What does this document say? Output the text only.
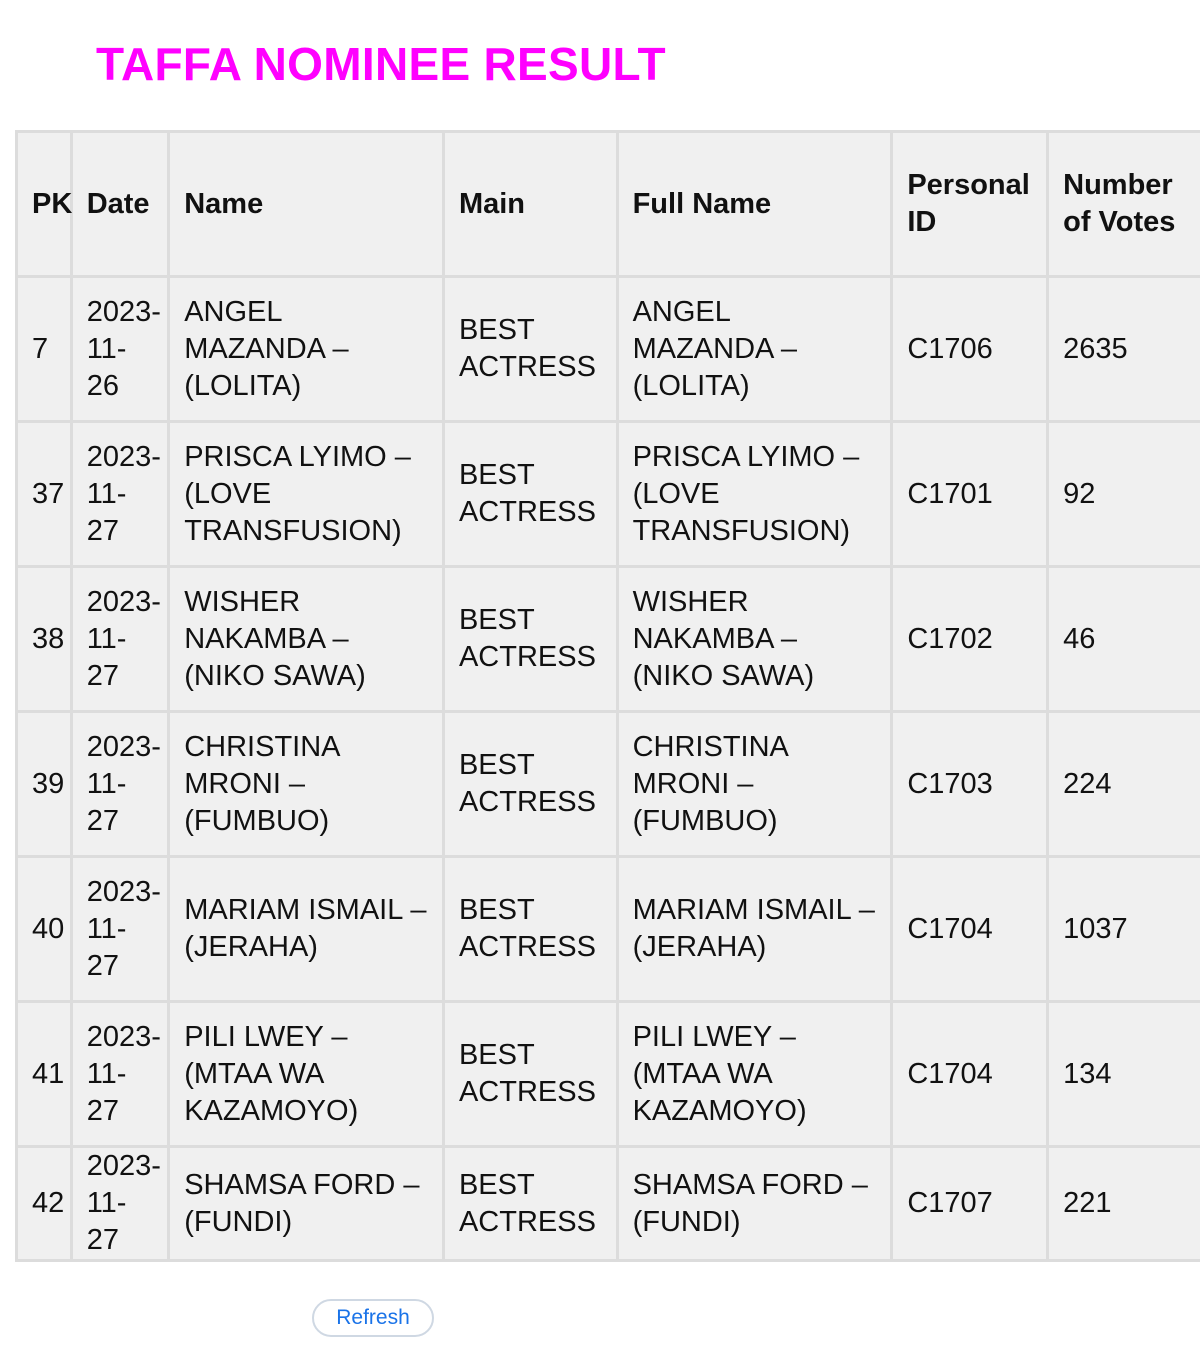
TAFFA NOMINEE RESULT
PK	Date	Name	Main	Full Name	Personal ID	Number of Votes
7	2023-11-26	ANGEL MAZANDA – (LOLITA)	BEST ACTRESS	ANGEL MAZANDA – (LOLITA)	C1706	2635
37	2023-11-27	PRISCA LYIMO – (LOVE TRANSFUSION)	BEST ACTRESS	PRISCA LYIMO – (LOVE TRANSFUSION)	C1701	92
38	2023-11-27	WISHER NAKAMBA – (NIKO SAWA)	BEST ACTRESS	WISHER NAKAMBA – (NIKO SAWA)	C1702	46
39	2023-11-27	CHRISTINA MRONI – (FUMBUO)	BEST ACTRESS	CHRISTINA MRONI – (FUMBUO)	C1703	224
40	2023-11-27	MARIAM ISMAIL – (JERAHA)	BEST ACTRESS	MARIAM ISMAIL – (JERAHA)	C1704	1037
41	2023-11-27	PILI LWEY – (MTAA WA KAZAMOYO)	BEST ACTRESS	PILI LWEY – (MTAA WA KAZAMOYO)	C1704	134
42	2023-11-27	SHAMSA FORD – (FUNDI)	BEST ACTRESS	SHAMSA FORD – (FUNDI)	C1707	221
Refresh
